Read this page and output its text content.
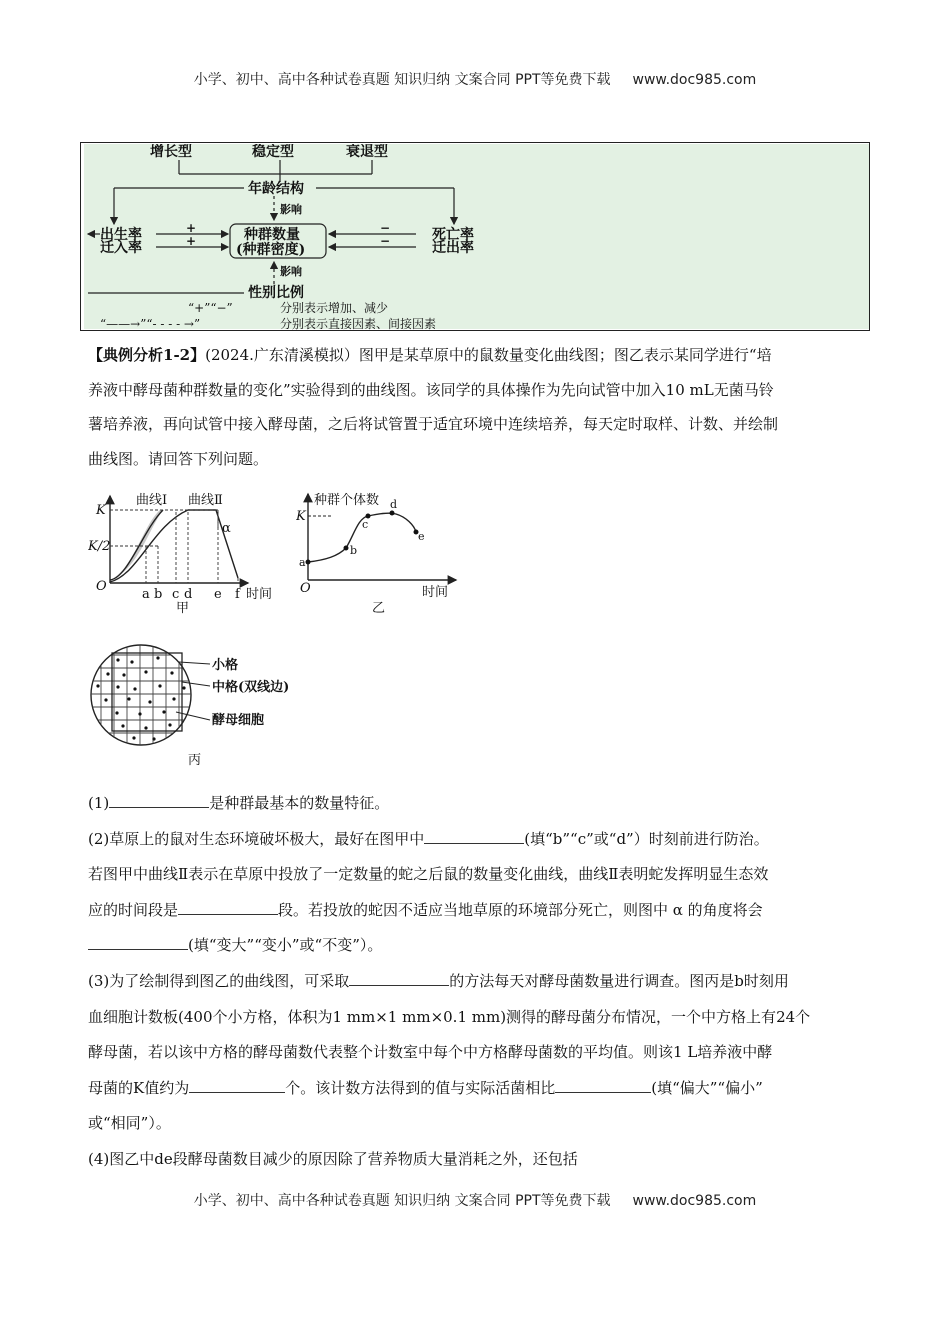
小学、初中、高中各种试卷真题 知识归纳 文案合同 PPT等免费下载 www.doc985.com
增长型	稳定型	衰退型
年龄结构
影响
种群数量
(种群密度)
出生率
迁入率
+
+
−
−	死亡率
迁出率
影响
性别比例
“+”“−”	分别表示增加、减少
“——→”“- - - - →”	分别表示直接因素、间接因素

【典例分析1-2】(2024.广东清溪模拟）图甲是某草原中的鼠数量变化曲线图；图乙表示某同学进行“培

养液中酵母菌种群数量的变化”实验得到的曲线图。该同学的具体操作为先向试管中加入10 mL无菌马铃

薯培养液，再向试管中接入酵母菌，之后将试管置于适宜环境中连续培养，每天定时取样、计数、并绘制

曲线图。请回答下列问题。

曲线Ⅰ 曲线Ⅱ
K
K/2
O
α
a b c d e f 时间
甲
种群个体数
K
O	时间
a
b
c
d
e
乙
小格
中格(双线边)
酵母细胞
丙

(1)	是种群最基本的数量特征。

(2)草原上的鼠对生态环境破坏极大，最好在图甲中	(填“b”“c”或“d”）时刻前进行防治。

若图甲中曲线Ⅱ表示在草原中投放了一定数量的蛇之后鼠的数量变化曲线，曲线Ⅱ表明蛇发挥明显生态效

应的时间段是	段。若投放的蛇因不适应当地草原的环境部分死亡，则图中 α 的角度将会

(填“变大”“变小”或“不变”）。

(3)为了绘制得到图乙的曲线图，可采取	的方法每天对酵母菌数量进行调查。图丙是b时刻用

血细胞计数板(400个小方格，体积为1 mm×1 mm×0.1 mm)测得的酵母菌分布情况，一个中方格上有24个

酵母菌，若以该中方格的酵母菌数代表整个计数室中每个中方格酵母菌数的平均值。则该1 L培养液中酵

母菌的K值约为	个。该计数方法得到的值与实际活菌相比	(填“偏大”“偏小”

或“相同”）。

(4)图乙中de段酵母菌数目减少的原因除了营养物质大量消耗之外，还包括

小学、初中、高中各种试卷真题 知识归纳 文案合同 PPT等免费下载 www.doc985.com
